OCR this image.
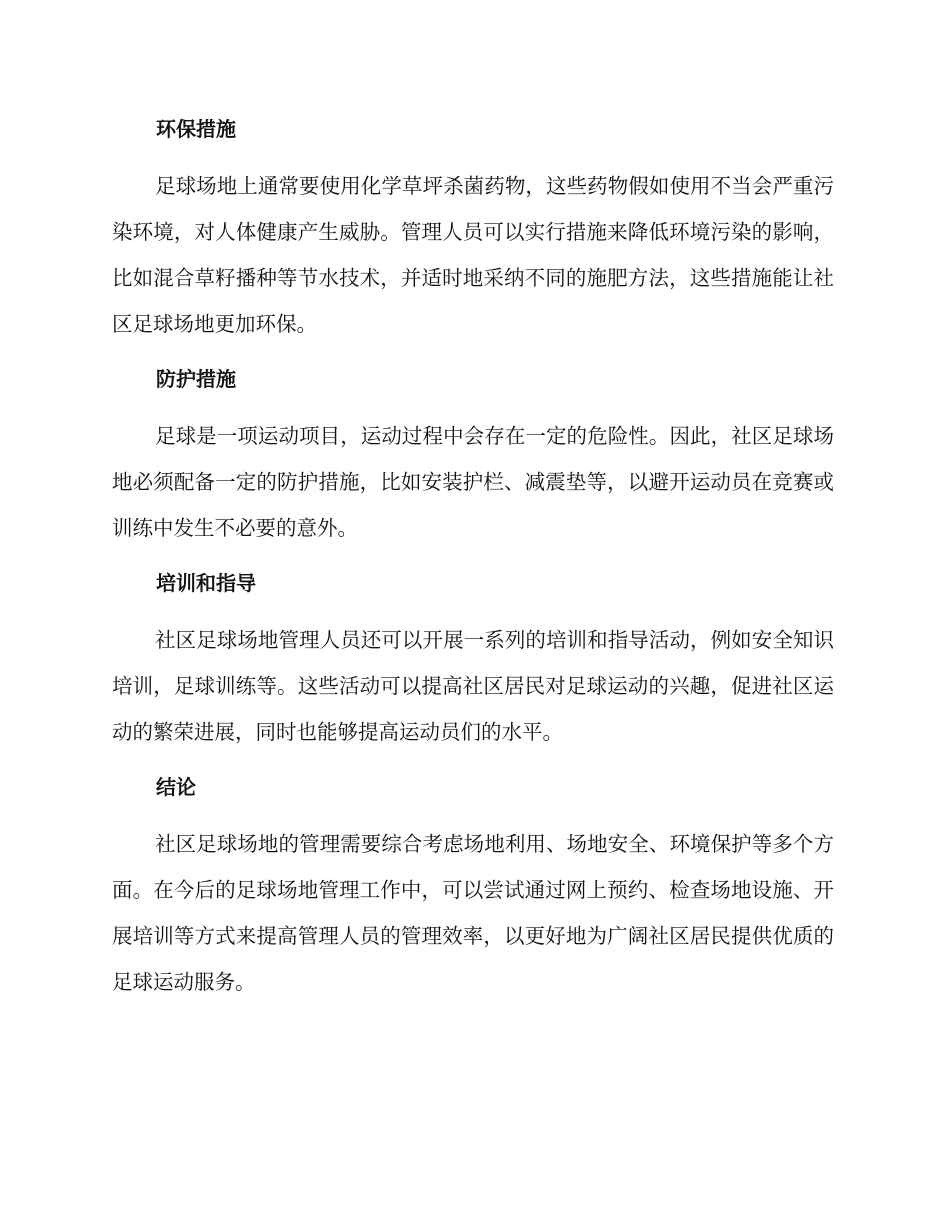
环保措施

足球场地上通常要使用化学草坪杀菌药物，这些药物假如使用不当会严重污染环境，对人体健康产生威胁。管理人员可以实行措施来降低环境污染的影响，比如混合草籽播种等节水技术，并适时地采纳不同的施肥方法，这些措施能让社区足球场地更加环保。

防护措施

足球是一项运动项目，运动过程中会存在一定的危险性。因此，社区足球场地必须配备一定的防护措施，比如安装护栏、减震垫等，以避开运动员在竞赛或训练中发生不必要的意外。

培训和指导

社区足球场地管理人员还可以开展一系列的培训和指导活动，例如安全知识培训，足球训练等。这些活动可以提高社区居民对足球运动的兴趣，促进社区运动的繁荣进展，同时也能够提高运动员们的水平。

结论

社区足球场地的管理需要综合考虑场地利用、场地安全、环境保护等多个方面。在今后的足球场地管理工作中，可以尝试通过网上预约、检查场地设施、开展培训等方式来提高管理人员的管理效率，以更好地为广阔社区居民提供优质的足球运动服务。
